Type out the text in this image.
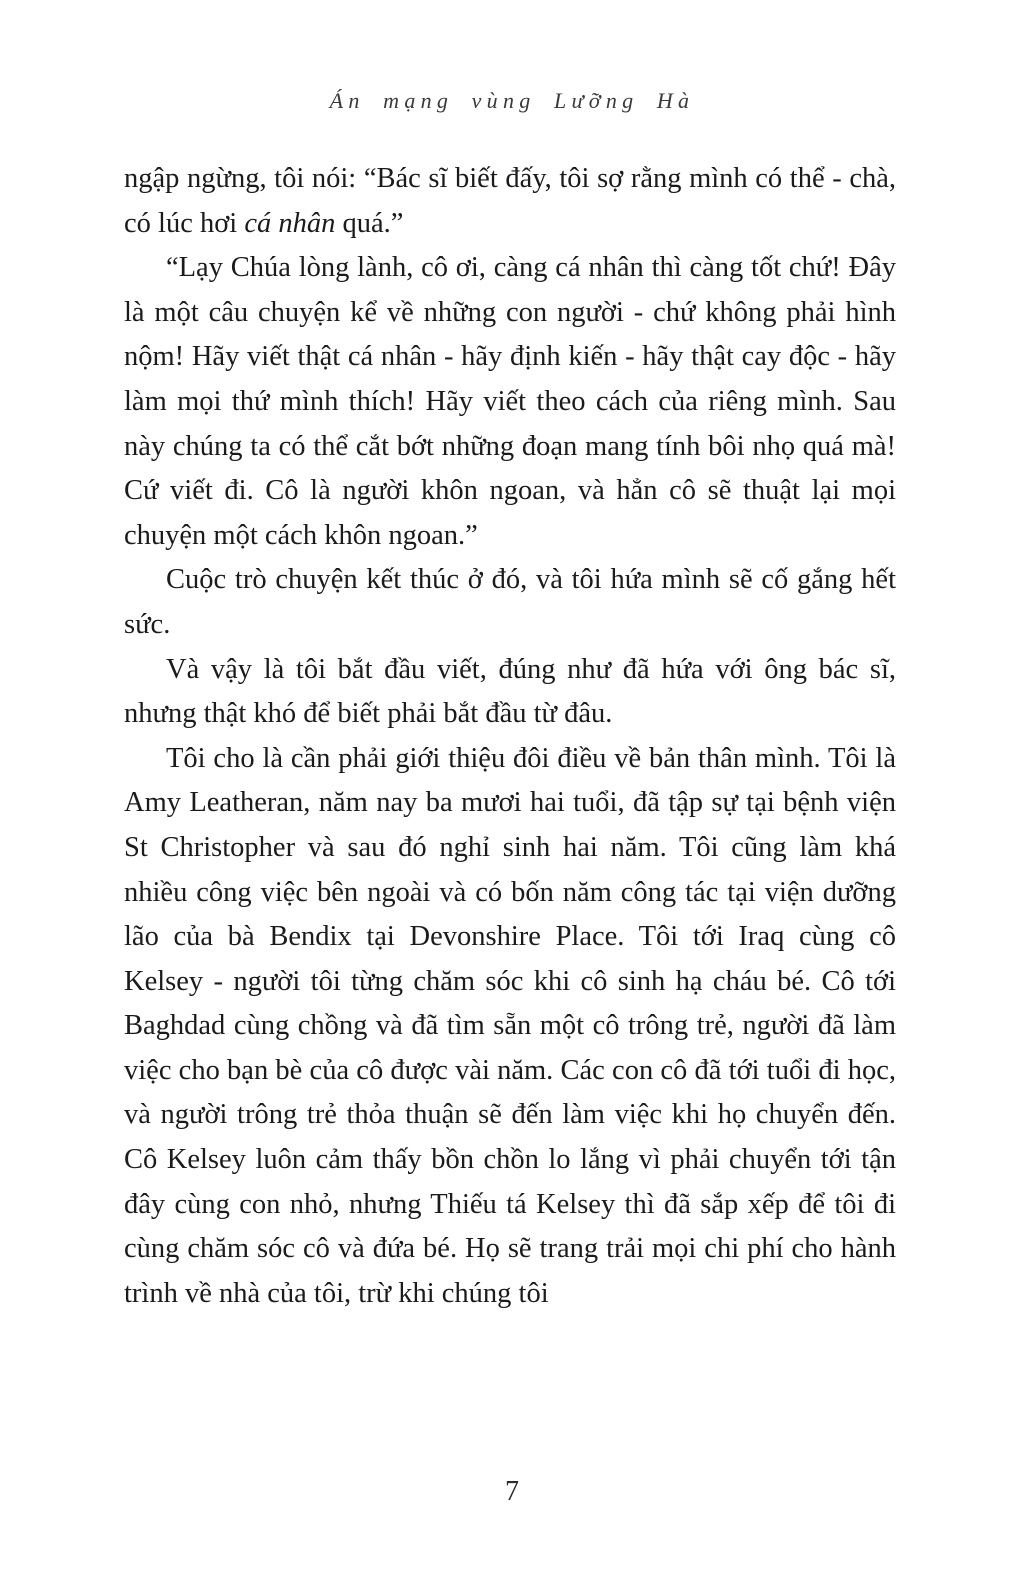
Án mạng vùng Lưỡng Hà

ngập ngừng, tôi nói: “Bác sĩ biết đấy, tôi sợ rằng mình có thể - chà, có lúc hơi cá nhân quá.”

“Lạy Chúa lòng lành, cô ơi, càng cá nhân thì càng tốt chứ! Đây là một câu chuyện kể về những con người - chứ không phải hình nộm! Hãy viết thật cá nhân - hãy định kiến - hãy thật cay độc - hãy làm mọi thứ mình thích! Hãy viết theo cách của riêng mình. Sau này chúng ta có thể cắt bớt những đoạn mang tính bôi nhọ quá mà! Cứ viết đi. Cô là người khôn ngoan, và hẳn cô sẽ thuật lại mọi chuyện một cách khôn ngoan.”

Cuộc trò chuyện kết thúc ở đó, và tôi hứa mình sẽ cố gắng hết sức.

Và vậy là tôi bắt đầu viết, đúng như đã hứa với ông bác sĩ, nhưng thật khó để biết phải bắt đầu từ đâu.

Tôi cho là cần phải giới thiệu đôi điều về bản thân mình. Tôi là Amy Leatheran, năm nay ba mươi hai tuổi, đã tập sự tại bệnh viện St Christopher và sau đó nghỉ sinh hai năm. Tôi cũng làm khá nhiều công việc bên ngoài và có bốn năm công tác tại viện dưỡng lão của bà Bendix tại Devonshire Place. Tôi tới Iraq cùng cô Kelsey - người tôi từng chăm sóc khi cô sinh hạ cháu bé. Cô tới Baghdad cùng chồng và đã tìm sẵn một cô trông trẻ, người đã làm việc cho bạn bè của cô được vài năm. Các con cô đã tới tuổi đi học, và người trông trẻ thỏa thuận sẽ đến làm việc khi họ chuyển đến. Cô Kelsey luôn cảm thấy bồn chồn lo lắng vì phải chuyển tới tận đây cùng con nhỏ, nhưng Thiếu tá Kelsey thì đã sắp xếp để tôi đi cùng chăm sóc cô và đứa bé. Họ sẽ trang trải mọi chi phí cho hành trình về nhà của tôi, trừ khi chúng tôi

7
